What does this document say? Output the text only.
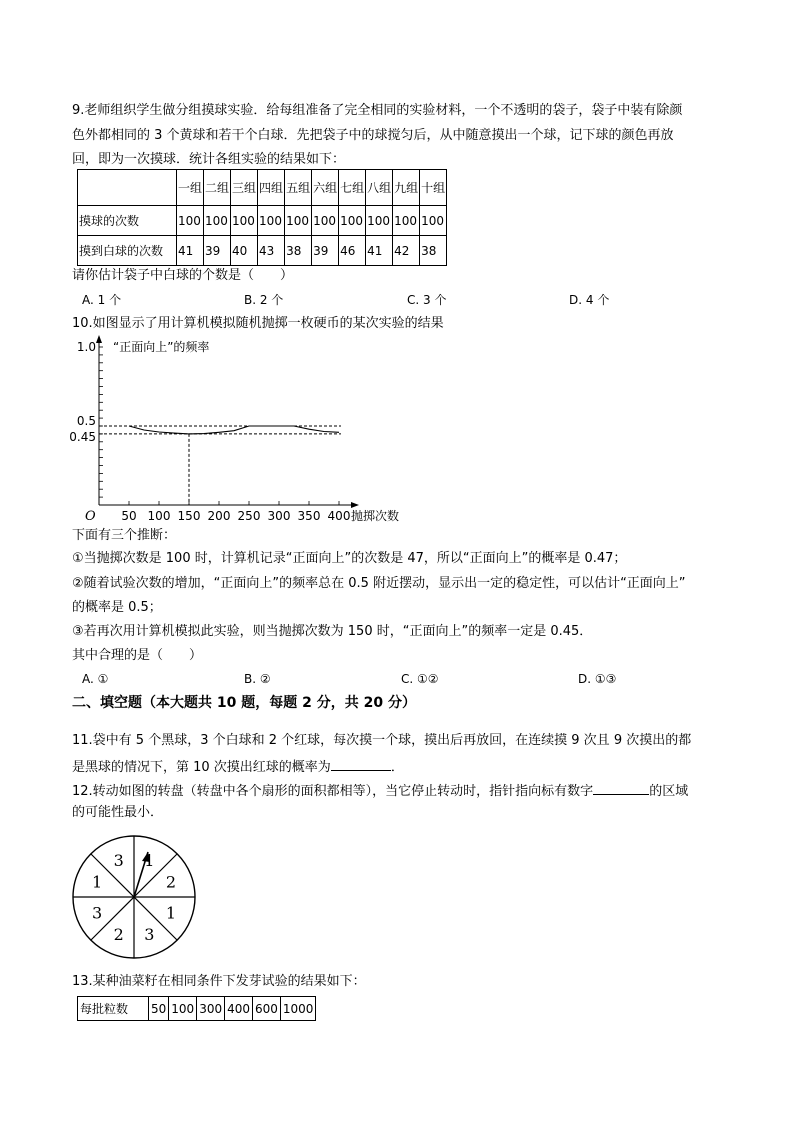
9.老师组织学生做分组摸球实验．给每组准备了完全相同的实验材料，一个不透明的袋子，袋子中装有除颜
色外都相同的 3 个黄球和若干个白球．先把袋子中的球搅匀后，从中随意摸出一个球，记下球的颜色再放
回，即为一次摸球．统计各组实验的结果如下：
	一组	二组	三组	四组	五组	六组	七组	八组	九组	十组
摸球的次数	100	100	100	100	100	100	100	100	100	100
摸到白球的次数	41	39	40	43	38	39	46	41	42	38
请你估计袋子中白球的个数是（　　）
A. 1 个	B. 2 个	C. 3 个	D. 4 个
10.如图显示了用计算机模拟随机抛掷一枚硬币的某次实验的结果
50 100 150 200 250 300 350 400
1.0
0.5
0.45
O
“正面向上”的频率
抛掷次数
下面有三个推断：
①当抛掷次数是 100 时，计算机记录“正面向上”的次数是 47，所以“正面向上”的概率是 0.47；
②随着试验次数的增加，“正面向上”的频率总在 0.5 附近摆动，显示出一定的稳定性，可以估计“正面向上”
的概率是 0.5；
③若再次用计算机模拟此实验，则当抛掷次数为 150 时，“正面向上”的频率一定是 0.45．
其中合理的是（　　）
A. ①	B. ②	C. ①②	D. ①③
二、填空题（本大题共 10 题，每题 2 分，共 20 分）
11.袋中有 5 个黑球，3 个白球和 2 个红球，每次摸一个球，摸出后再放回，在连续摸 9 次且 9 次摸出的都
是黑球的情况下，第 10 次摸出红球的概率为	．
12.转动如图的转盘（转盘中各个扇形的面积都相等），当它停止转动时，指针指向标有数字	的区域
的可能性最小．
1
2
1
3
2
3
1
3
13.某种油菜籽在相同条件下发芽试验的结果如下：
每批粒数	50	100	300	400	600	1000
